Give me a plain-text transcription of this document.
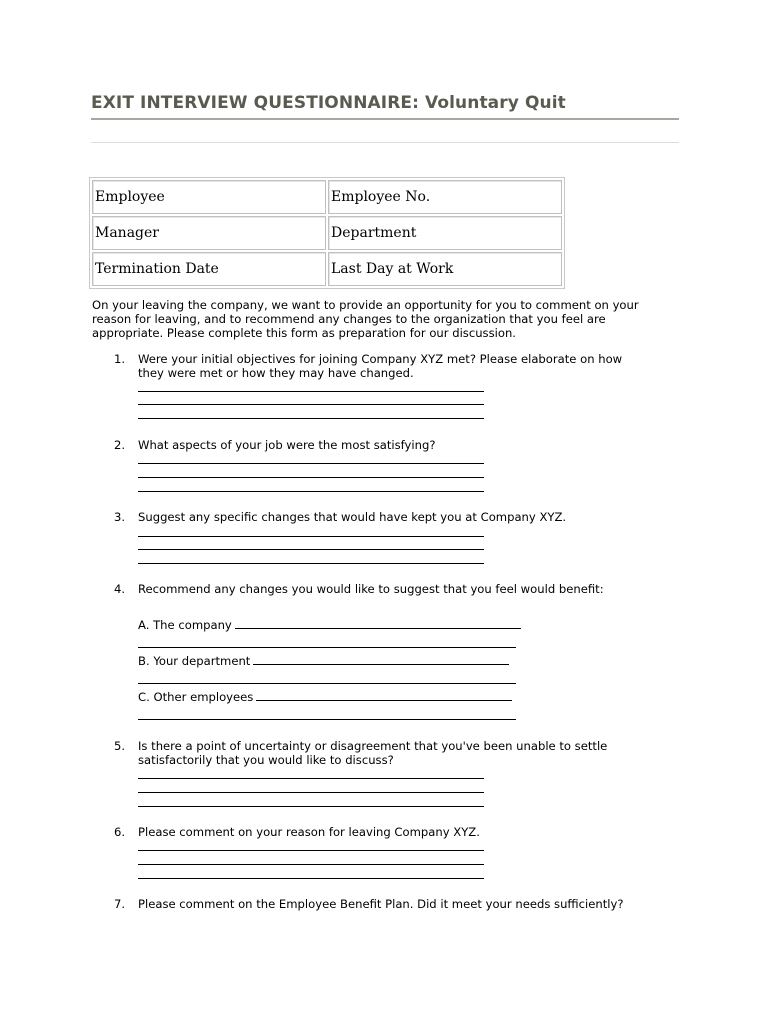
EXIT INTERVIEW QUESTIONNAIRE: Voluntary Quit
Employee	Employee No.
Manager	Department
Termination Date	Last Day at Work

On your leaving the company, we want to provide an opportunity for you to comment on your reason for leaving, and to recommend any changes to the organization that you feel are appropriate. Please complete this form as preparation for our discussion.

1. Were your initial objectives for joining Company XYZ met? Please elaborate on how they were met or how they may have changed.

2. What aspects of your job were the most satisfying?

3. Suggest any specific changes that would have kept you at Company XYZ.

4. Recommend any changes you would like to suggest that you feel would benefit:

A. The company
B. Your department
C. Other employees
5. Is there a point of uncertainty or disagreement that you've been unable to settle satisfactorily that you would like to discuss?

6. Please comment on your reason for leaving Company XYZ.

7. Please comment on the Employee Benefit Plan. Did it meet your needs sufficiently?
